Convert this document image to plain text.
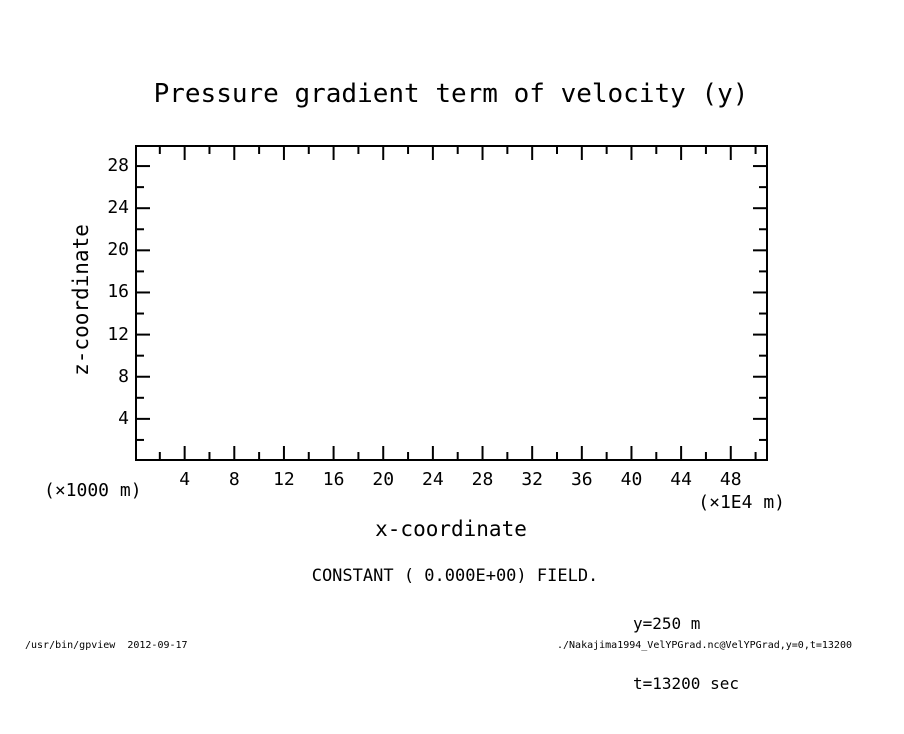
Pressure gradient term of velocity (y)
z-coordinate
4 8 12 16 20 24 28 32 36 40 44 48
4
8
12
16
20
24
28
(×1000 m)
(×1E4 m)
x-coordinate
CONSTANT ( 0.000E+00) FIELD.

y=250 m

t=13200 sec

/usr/bin/gpview  2012-09-17	./Nakajima1994_VelYPGrad.nc@VelYPGrad,y=0,t=13200
